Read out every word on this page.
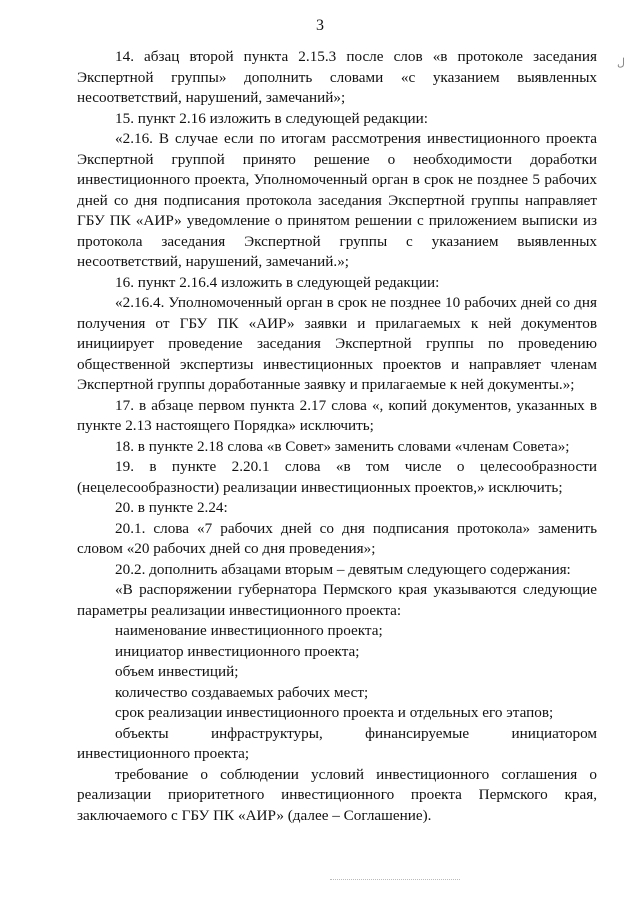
3
ل

14. абзац второй пункта 2.15.3 после слов «в протоколе заседания Экспертной группы» дополнить словами «с указанием выявленных несоответствий, нарушений, замечаний»;

15. пункт 2.16 изложить в следующей редакции:

«2.16. В случае если по итогам рассмотрения инвестиционного проекта Экспертной группой принято решение о необходимости доработки инвестиционного проекта, Уполномоченный орган в срок не позднее 5 рабочих дней со дня подписания протокола заседания Экспертной группы направляет ГБУ ПК «АИР» уведомление о принятом решении с приложением выписки из протокола заседания Экспертной группы с указанием выявленных несоответствий, нарушений, замечаний.»;

16. пункт 2.16.4 изложить в следующей редакции:

«2.16.4. Уполномоченный орган в срок не позднее 10 рабочих дней со дня получения от ГБУ ПК «АИР» заявки и прилагаемых к ней документов инициирует проведение заседания Экспертной группы по проведению общественной экспертизы инвестиционных проектов и направляет членам Экспертной группы доработанные заявку и прилагаемые к ней документы.»;

17. в абзаце первом пункта 2.17 слова «, копий документов, указанных в пункте 2.13 настоящего Порядка» исключить;

18. в пункте 2.18 слова «в Совет» заменить словами «членам Совета»;

19. в пункте 2.20.1 слова «в том числе о целесообразности (нецелесообразности) реализации инвестиционных проектов,» исключить;

20. в пункте 2.24:

20.1. слова «7 рабочих дней со дня подписания протокола» заменить словом «20 рабочих дней со дня проведения»;

20.2. дополнить абзацами вторым – девятым следующего содержания:

«В распоряжении губернатора Пермского края указываются следующие параметры реализации инвестиционного проекта:

наименование инвестиционного проекта;

инициатор инвестиционного проекта;

объем инвестиций;

количество создаваемых рабочих мест;

срок реализации инвестиционного проекта и отдельных его этапов;

объекты инфраструктуры, финансируемые инициатором инвестиционного проекта;

требование о соблюдении условий инвестиционного соглашения о реализации приоритетного инвестиционного проекта Пермского края, заключаемого с ГБУ ПК «АИР» (далее – Соглашение).
